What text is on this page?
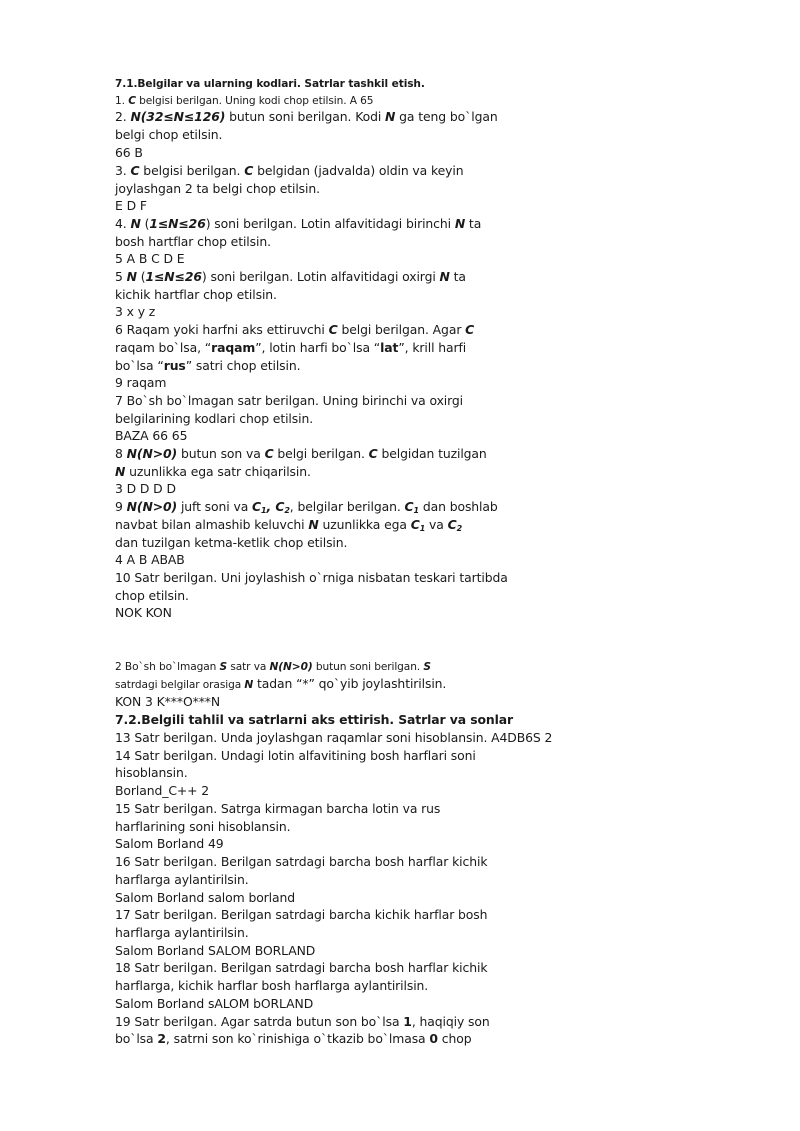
7.1.Belgilar va ularning kodlari. Satrlar tashkil etish.
1. C belgisi berilgan. Uning kodi chop etilsin. A 65
2. N(32≤N≤126) butun soni berilgan. Kodi N ga teng bo`lgan
belgi chop etilsin.
66 B
3. C belgisi berilgan. C belgidan (jadvalda) oldin va keyin
joylashgan 2 ta belgi chop etilsin.
E D F
4. N (1≤N≤26) soni berilgan. Lotin alfavitidagi birinchi N ta
bosh hartflar chop etilsin.
5 A B C D E
5 N (1≤N≤26) soni berilgan. Lotin alfavitidagi oxirgi N ta
kichik hartflar chop etilsin.
3 x y z
6 Raqam yoki harfni aks ettiruvchi C belgi berilgan. Agar C
raqam bo`lsa, “raqam”, lotin harfi bo`lsa “lat”, krill harfi
bo`lsa “rus” satri chop etilsin.
9 raqam
7 Bo`sh bo`lmagan satr berilgan. Uning birinchi va oxirgi
belgilarining kodlari chop etilsin.
BAZA 66 65
8 N(N>0) butun son va C belgi berilgan. C belgidan tuzilgan
N uzunlikka ega satr chiqarilsin.
3 D D D D
9 N(N>0) juft soni va $C_1$, $C_2$, belgilar berilgan. $C_1$ dan boshlab
navbat bilan almashib keluvchi N uzunlikka ega $C_1$ va $C_2$
dan tuzilgan ketma-ketlik chop etilsin.
4 A B ABAB
10 Satr berilgan. Uni joylashish o`rniga nisbatan teskari tartibda
chop etilsin.
NOK KON
2 Bo`sh bo`lmagan S satr va N(N>0) butun soni berilgan. S
satrdagi belgilar orasiga N tadan “*” qo`yib joylashtirilsin.
KON 3 K***O***N
7.2.Belgili tahlil va satrlarni aks ettirish. Satrlar va sonlar
13 Satr berilgan. Unda joylashgan raqamlar soni hisoblansin. A4DB6S 2
14 Satr berilgan. Undagi lotin alfavitining bosh harflari soni
hisoblansin.
Borland_C++ 2
15 Satr berilgan. Satrga kirmagan barcha lotin va rus
harflarining soni hisoblansin.
Salom Borland 49
16 Satr berilgan. Berilgan satrdagi barcha bosh harflar kichik
harflarga aylantirilsin.
Salom Borland salom borland
17 Satr berilgan. Berilgan satrdagi barcha kichik harflar bosh
harflarga aylantirilsin.
Salom Borland SALOM BORLAND
18 Satr berilgan. Berilgan satrdagi barcha bosh harflar kichik
harflarga, kichik harflar bosh harflarga aylantirilsin.
Salom Borland sALOM bORLAND
19 Satr berilgan. Agar satrda butun son bo`lsa 1, haqiqiy son
bo`lsa 2, satrni son ko`rinishiga o`tkazib bo`lmasa 0 chop
